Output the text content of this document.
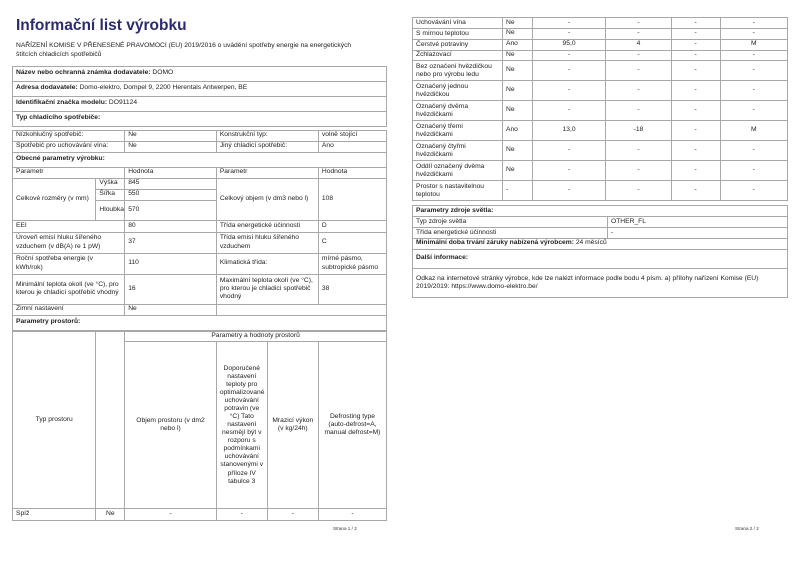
Informační list výrobku
NAŘÍZENÍ KOMISE V PŘENESENÉ PRAVOMOCI (EU) 2019/2016 o uvádění spotřeby energie na energetických štítcích chladicích spotřebičů
Název nebo ochranná známka dodavatele: DOMO
Adresa dodavatele: Domo-elektro, Dompel 9, 2200 Herentals Antwerpen, BE
Identifikační značka modelu: DO91124
Typ chladicího spotřebiče:
Nízkohlučný spotřebič:		Ne	Konstrukční typ:	volně stojící
Spotřebič pro uchovávání vína:		Ne	Jiný chladicí spotřebič:	Ano
Obecné parametry výrobku:				
Parametr		Hodnota	Parametr	Hodnota
Celkové rozměry (v mm)	Výška	845	Celkový objem (v dm3 nebo l)	108
	Šířka	550		
	Hloubka	570		
EEI		80	Třída energetické účinnosti	D
Úroveň emisí hluku šířeného vzduchem (v dB(A) re 1 pW)		37	Třída emisí hluku šířeného vzduchem	C
Roční spotřeba energie (v kWh/rok)		110	Klimatická třída:	mírné pásmo, subtropické pásmo
Minimální teplota okolí (ve °C), pro kterou je chladicí spotřebič vhodný		16	Maximální teplota okolí (ve °C), pro kterou je chladicí spotřebič vhodný	38
Zimní nastavení		Ne		
Parametry prostorů:				
Typ prostoru		Parametry a hodnoty prostorů			
		Objem prostoru (v dm2 nebo l)	Doporučené nastavení teploty pro optimalizované uchovávání potravin (ve °C) Tato nastavení nesmějí být v rozporu s podmínkami uchovávání stanovenými v příloze IV tabulce 3	Mrazicí výkon (v kg/24h)	Defrosting type (auto-defrost=A, manual defrost=M)
Spíž	Ne	-	-	-	-
Strana 1 / 2
Uchovávání vína	Ne	-	-	-	-
S mírnou teplotou	Ne	-	-	-	-
Čerstvé potraviny	Ano	95,0	4	-	M
Zchlazovací	Ne	-	-	-	-
Bez označení hvězdičkou nebo pro výrobu ledu	Ne	-	-	-	-
Označený jednou hvězdičkou	Ne	-	-	-	-
Označený dvěma hvězdičkami	Ne	-	-	-	-
Označený třemi hvězdičkami	Ano	13,0	-18	-	M
Označený čtyřmi hvězdičkami	Ne	-	-	-	-
Oddíl označený dvěma hvězdičkami	Ne	-	-	-	-
Prostor s nastavitelnou teplotou	-	-	-	-	-
Parametry zdroje světla:	
Typ zdroje světla	OTHER_FL
Třída energetické účinnosti	-
Minimální doba trvání záruky nabízená výrobcem: 24 měsíců	
Další informace:	
Odkaz na internetové stránky výrobce, kde lze nalézt informace podle bodu 4 písm. a) přílohy nařízení Komise (EU) 2019/2019: https://www.domo-elektro.be/	
Strana 2 / 2
